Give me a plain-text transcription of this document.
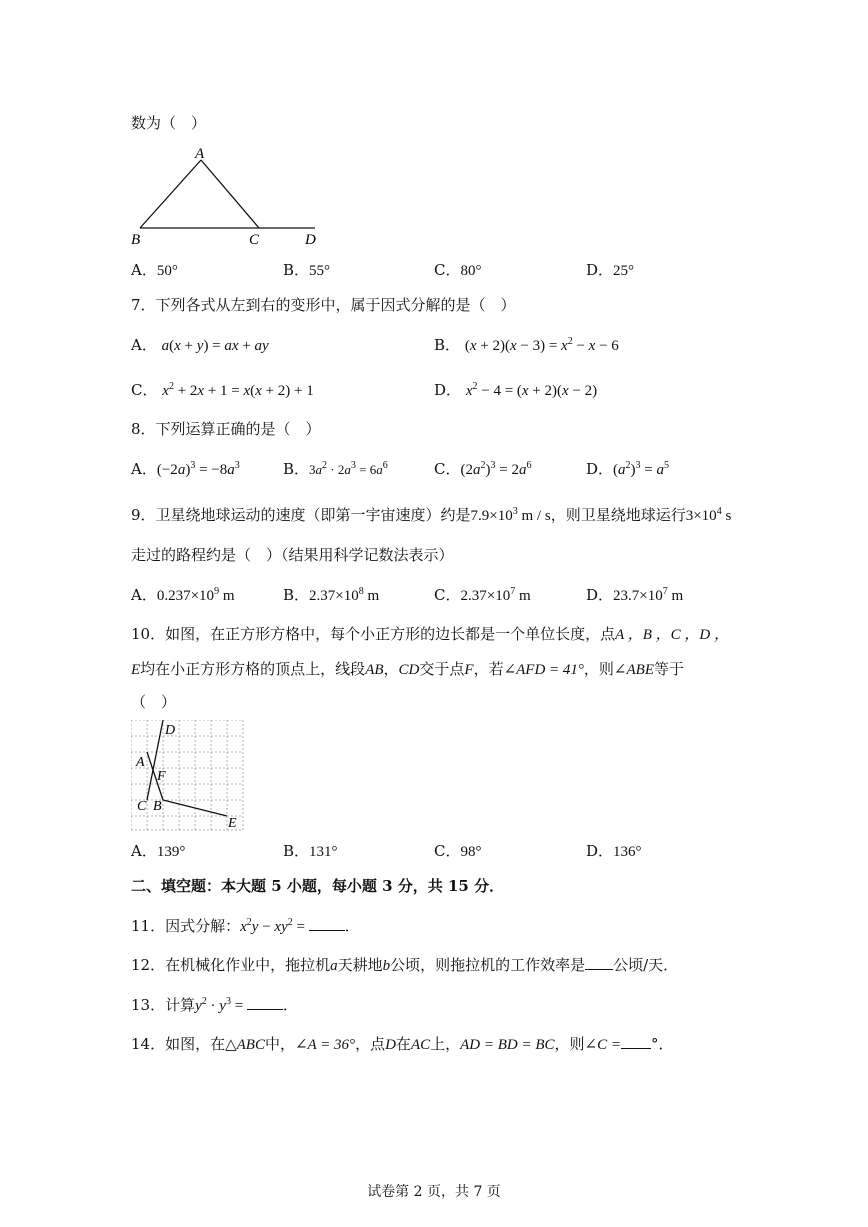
数为（　）
A
B	C	D
A．50°	B．55°	C．80°	D．25°
7．下列各式从左到右的变形中，属于因式分解的是（　）
A． a(x + y) = ax + ay	B． $(x + 2)(x - 3) = x^2 - x - 6$
C． $x^2 + 2x + 1 = x(x + 2) + 1$	D． $x^2 - 4 = (x + 2)(x - 2)$
8．下列运算正确的是（　）
A．$(-2a)^3 = -8a^3$	B．$3a^2 \cdot 2a^3 = 6a^6$	C．$(2a^2)^3 = 2a^6$	D．$(a^2)^3 = a^5$
9．卫星绕地球运动的速度（即第一宇宙速度）约是$7.9\times 10^3$ m / s，则卫星绕地球运行$3\times 10^4$ s
走过的路程约是（　）（结果用科学记数法表示）
A．$0.237\times 10^9$ m	B．$2.37\times 10^8$ m	C．$2.37\times 10^7$ m	D．$23.7\times 10^7$ m
10．如图，在正方形方格中，每个小正方形的边长都是一个单位长度，点A ，B ，C ，D ，
E均在小正方形方格的顶点上，线段AB，CD交于点F，若∠AFD = 41°，则∠ABE等于
（　）
D
A
F
C B
E
A．139°	B．131°	C．98°	D．136°
二、填空题：本大题 5 小题，每小题 3 分，共 15 分．
11．因式分解：$x^2y - xy^2$ = ．
12．在机械化作业中，拖拉机a天耕地b公顷，则拖拉机的工作效率是 公顷/天．
13．计算$y^2 \cdot y^3$ = ．
14．如图，在△ABC中，∠A = 36°，点D在AC上，AD = BD = BC，则∠C = °．
试卷第 2 页，共 7 页
